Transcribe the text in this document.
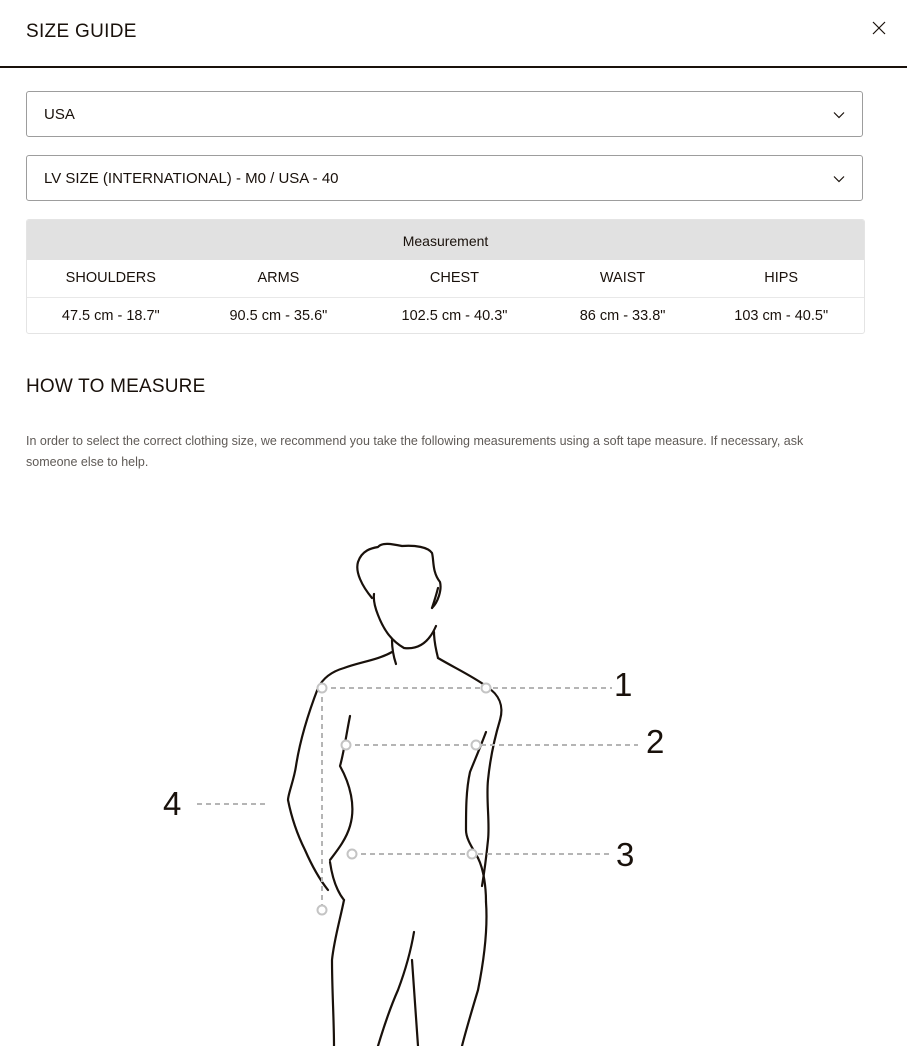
SIZE GUIDE
USA
LV SIZE (INTERNATIONAL) - M0 / USA - 40
Measurement
SHOULDERS	ARMS	CHEST	WAIST	HIPS
47.5 cm - 18.7"	90.5 cm - 35.6"	102.5 cm - 40.3"	86 cm - 33.8"	103 cm - 40.5"
HOW TO MEASURE
In order to select the correct clothing size, we recommend you take the following measurements using a soft tape measure. If necessary, ask someone else to help.
1
2
3
4
